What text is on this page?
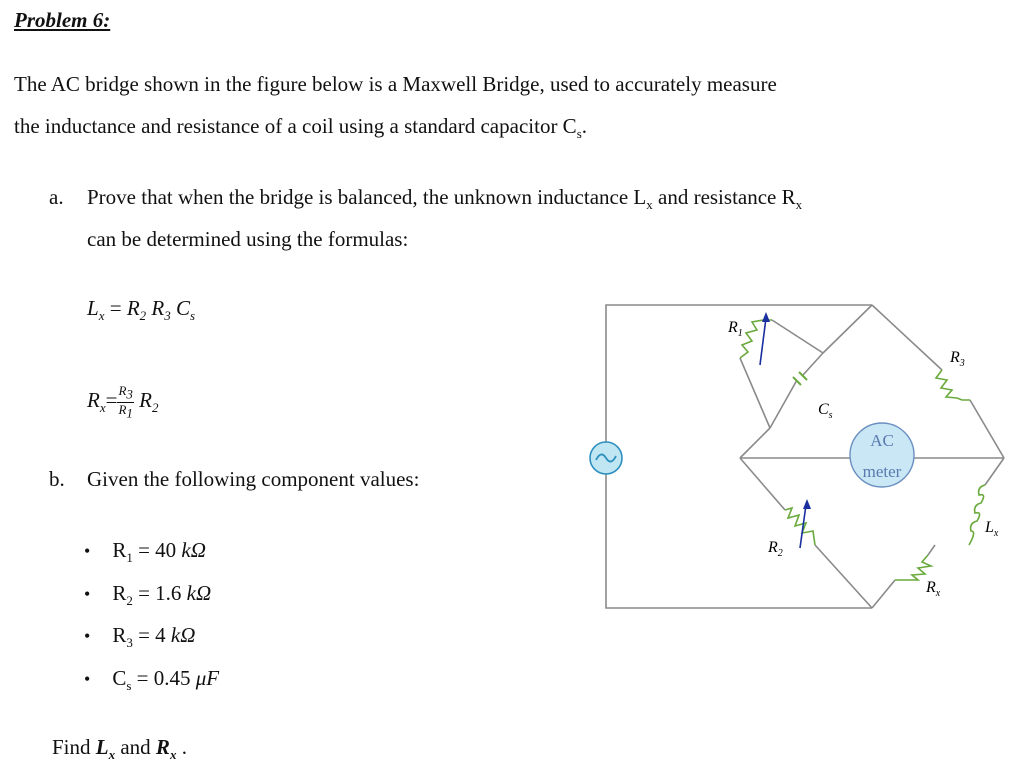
Problem 6:
The AC bridge shown in the figure below is a Maxwell Bridge, used to accurately measure
the inductance and resistance of a coil using a standard capacitor $C_s$.
a. Prove that when the bridge is balanced, the unknown inductance $L_x$ and resistance $R_x$
can be determined using the formulas:
$L_x = R_2$ $R_3$ $C_s$
$R_x= \frac{R_3}{R_1} R_2$
b. Given the following component values:
• $R_1 = 40$ kΩ
• $R_2 = 1.6$ kΩ
• $R_3 = 4$ kΩ
• $C_s = 0.45$ μF
Find $L_x$ and $R_x$ .
AC
meter
$R_1$
$C_s$
$R_3$
$R_2$
$L_x$
$R_x$
